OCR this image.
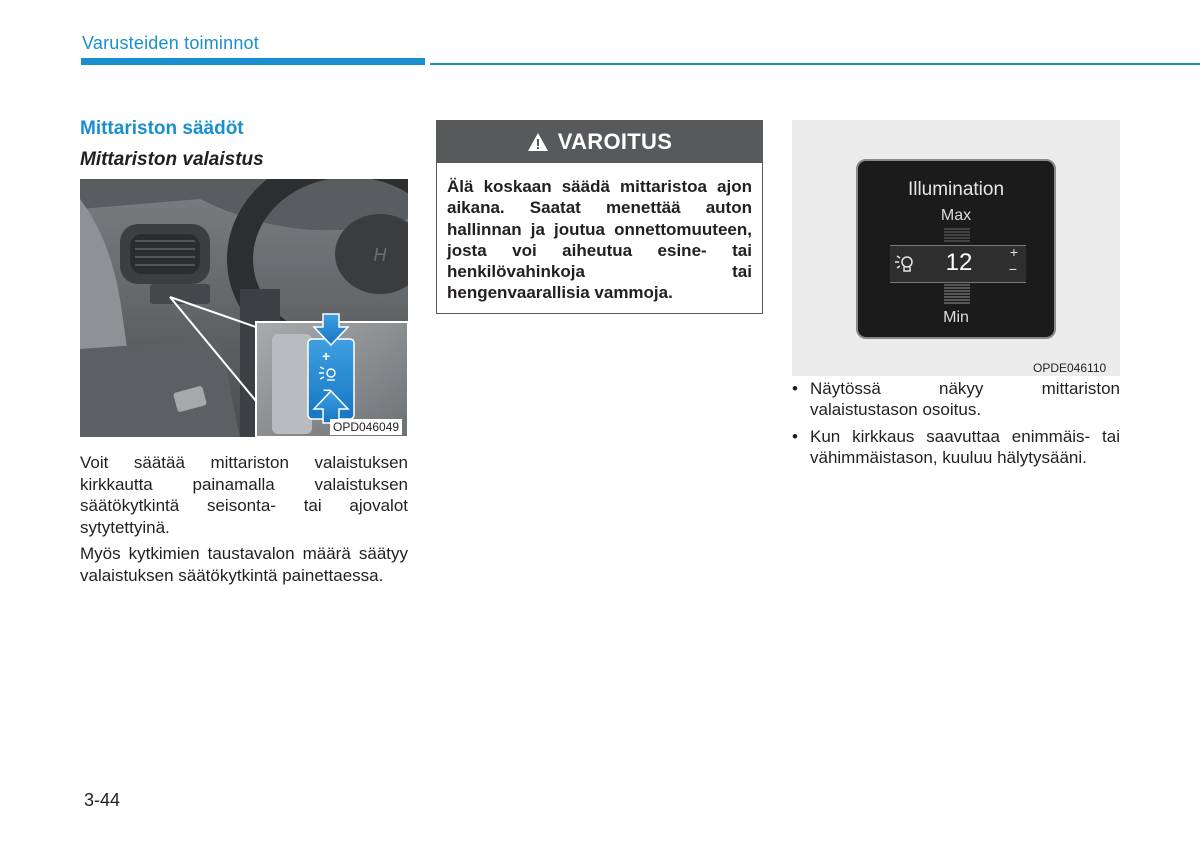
Varusteiden toiminnot
Mittariston säädöt
Mittariston valaistus
H
+
−
OPD046049
Voit säätää mittariston valaistuksen kirkkautta painamalla valaistuksen säätökytkintä seisonta- tai ajovalot sytytettyinä.
Myös kytkimien taustavalon määrä säätyy valaistuksen säätökytkintä painettaessa.
VAROITUS
Älä koskaan säädä mittaristoa ajon aikana. Saatat menettää auton hallinnan ja joutua onnettomuuteen, josta voi aiheutua esine- tai henkilövahinkoja tai hengenvaarallisia vammoja.
Illumination
Max
12	+
−
Min
OPDE046110
• Näytössä näkyy mittariston valaistustason osoitus.
• Kun kirkkaus saavuttaa enimmäis- tai vähimmäistason, kuuluu hälytysääni.
3-44
